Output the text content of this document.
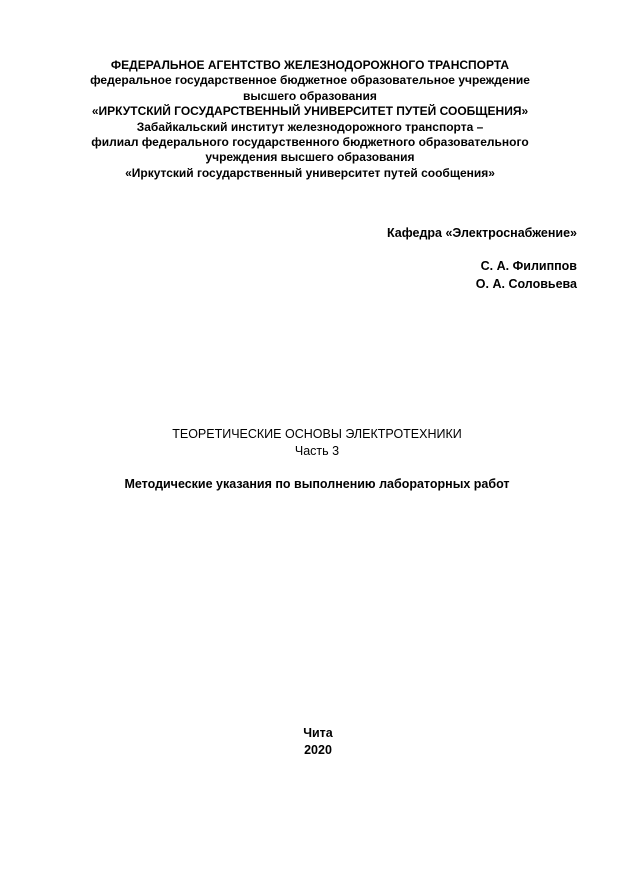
ФЕДЕРАЛЬНОЕ АГЕНТСТВО ЖЕЛЕЗНОДОРОЖНОГО ТРАНСПОРТА
федеральное государственное бюджетное образовательное учреждение
высшего образования
«ИРКУТСКИЙ ГОСУДАРСТВЕННЫЙ УНИВЕРСИТЕТ ПУТЕЙ СООБЩЕНИЯ»
Забайкальский институт железнодорожного транспорта –
филиал федерального государственного бюджетного образовательного
учреждения высшего образования
«Иркутский государственный университет путей сообщения»
Кафедра «Электроснабжение»
С. А. Филиппов
О. А. Соловьева
ТЕОРЕТИЧЕСКИЕ ОСНОВЫ ЭЛЕКТРОТЕХНИКИ
Часть 3
Методические указания по выполнению лабораторных работ
Чита
2020
